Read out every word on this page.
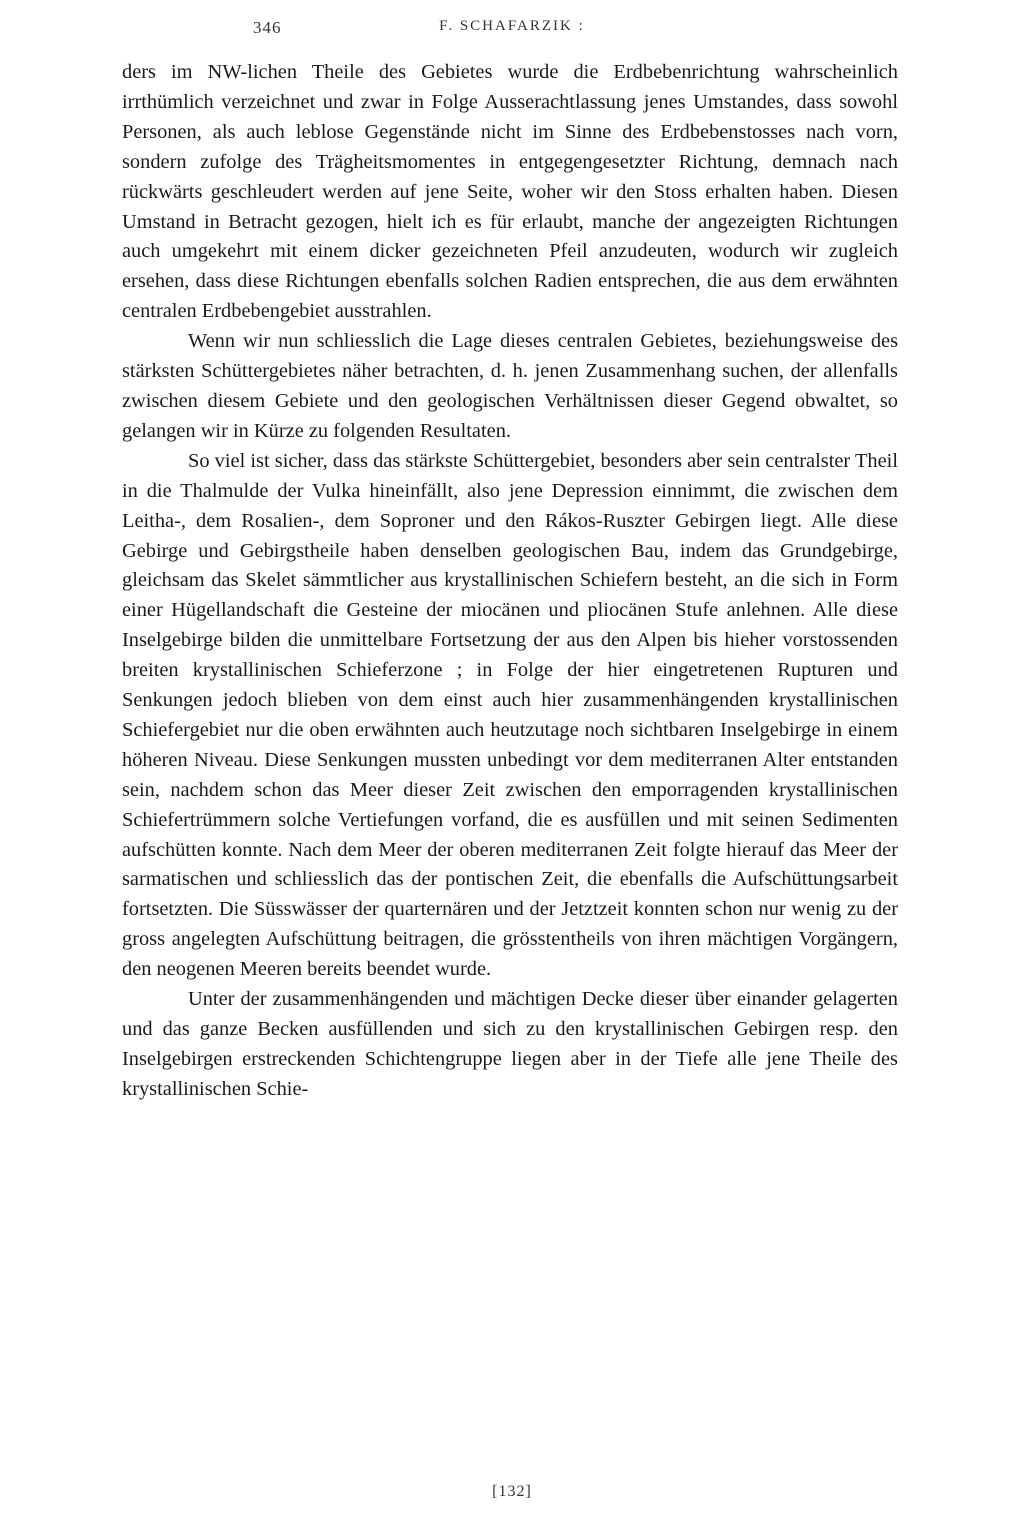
346	F. SCHAFARZIK :

ders im NW-lichen Theile des Gebietes wurde die Erdbebenrichtung wahrscheinlich irrthümlich verzeichnet und zwar in Folge Ausserachtlassung jenes Umstandes, dass sowohl Personen, als auch leblose Gegenstände nicht im Sinne des Erdbebenstosses nach vorn, sondern zufolge des Trägheitsmomentes in entgegengesetzter Richtung, demnach nach rückwärts geschleudert werden auf jene Seite, woher wir den Stoss erhalten haben. Diesen Umstand in Betracht gezogen, hielt ich es für erlaubt, manche der angezeigten Richtungen auch umgekehrt mit einem dicker gezeichneten Pfeil anzudeuten, wodurch wir zugleich ersehen, dass diese Richtungen ebenfalls solchen Radien entsprechen, die aus dem erwähnten centralen Erdbebengebiet ausstrahlen.

Wenn wir nun schliesslich die Lage dieses centralen Gebietes, beziehungsweise des stärksten Schüttergebietes näher betrachten, d. h. jenen Zusammenhang suchen, der allenfalls zwischen diesem Gebiete und den geologischen Verhältnissen dieser Gegend obwaltet, so gelangen wir in Kürze zu folgenden Resultaten.

So viel ist sicher, dass das stärkste Schüttergebiet, besonders aber sein centralster Theil in die Thalmulde der Vulka hineinfällt, also jene Depression einnimmt, die zwischen dem Leitha-, dem Rosalien-, dem Soproner und den Rákos-Ruszter Gebirgen liegt. Alle diese Gebirge und Gebirgstheile haben denselben geologischen Bau, indem das Grundgebirge, gleichsam das Skelet sämmtlicher aus krystallinischen Schiefern besteht, an die sich in Form einer Hügellandschaft die Gesteine der miocänen und pliocänen Stufe anlehnen. Alle diese Inselgebirge bilden die unmittelbare Fortsetzung der aus den Alpen bis hieher vorstossenden breiten krystallinischen Schieferzone ; in Folge der hier eingetretenen Rupturen und Senkungen jedoch blieben von dem einst auch hier zusammenhängenden krystallinischen Schiefergebiet nur die oben erwähnten auch heutzutage noch sichtbaren Inselgebirge in einem höheren Niveau. Diese Senkungen mussten unbedingt vor dem mediterranen Alter entstanden sein, nachdem schon das Meer dieser Zeit zwischen den emporragenden krystallinischen Schiefertrümmern solche Vertiefungen vorfand, die es ausfüllen und mit seinen Sedimenten aufschütten konnte. Nach dem Meer der oberen mediterranen Zeit folgte hierauf das Meer der sarmatischen und schliesslich das der pontischen Zeit, die ebenfalls die Aufschüttungsarbeit fortsetzten. Die Süsswässer der quarternären und der Jetztzeit konnten schon nur wenig zu der gross angelegten Aufschüttung beitragen, die grösstentheils von ihren mächtigen Vorgängern, den neogenen Meeren bereits beendet wurde.

Unter der zusammenhängenden und mächtigen Decke dieser über einander gelagerten und das ganze Becken ausfüllenden und sich zu den krystallinischen Gebirgen resp. den Inselgebirgen erstreckenden Schichtengruppe liegen aber in der Tiefe alle jene Theile des krystallinischen Schie-

[132]
